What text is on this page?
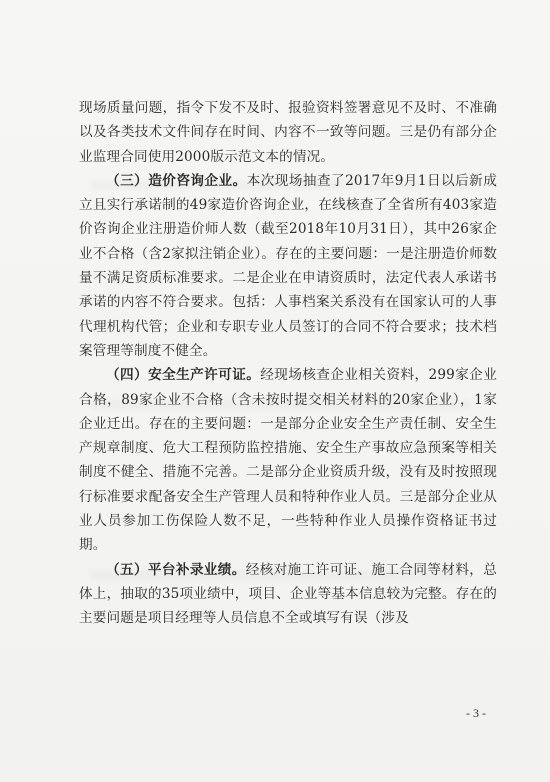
现场质量问题，指令下发不及时、报验资料签署意见不及时、不准确以及各类技术文件间存在时间、内容不一致等问题。三是仍有部分企业监理合同使用2000版示范文本的情况。

（三）造价咨询企业。本次现场抽查了2017年9月1日以后新成立且实行承诺制的49家造价咨询企业，在线核查了全省所有403家造价咨询企业注册造价师人数（截至2018年10月31日），其中26家企业不合格（含2家拟注销企业）。存在的主要问题：一是注册造价师数量不满足资质标准要求。二是企业在申请资质时，法定代表人承诺书承诺的内容不符合要求。包括：人事档案关系没有在国家认可的人事代理机构代管；企业和专职专业人员签订的合同不符合要求；技术档案管理等制度不健全。

（四）安全生产许可证。经现场核查企业相关资料，299家企业合格，89家企业不合格（含未按时提交相关材料的20家企业），1家企业迁出。存在的主要问题：一是部分企业安全生产责任制、安全生产规章制度、危大工程预防监控措施、安全生产事故应急预案等相关制度不健全、措施不完善。二是部分企业资质升级，没有及时按照现行标准要求配备安全生产管理人员和特种作业人员。三是部分企业从业人员参加工伤保险人数不足，一些特种作业人员操作资格证书过期。

（五）平台补录业绩。经核对施工许可证、施工合同等材料，总体上，抽取的35项业绩中，项目、企业等基本信息较为完整。存在的主要问题是项目经理等人员信息不全或填写有误（涉及

- 3 -
